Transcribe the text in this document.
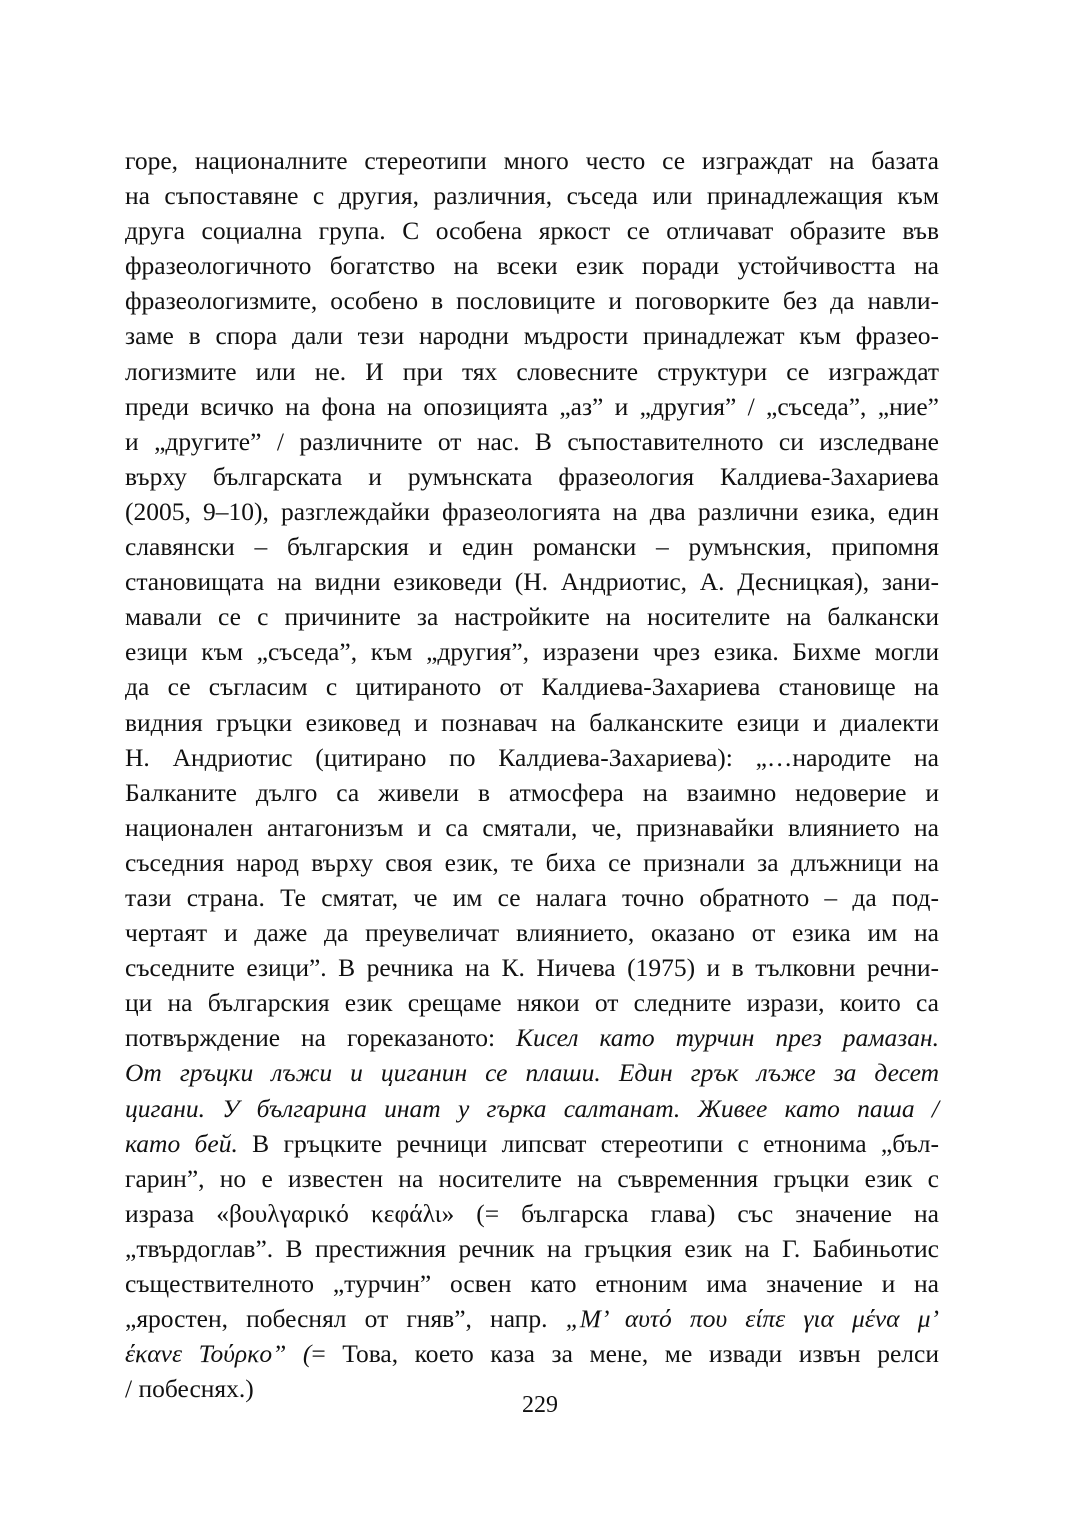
горе, националните стереотипи много често се изграждат на базата
на съпоставяне с другия, различния, съседа или принадлежащия към
друга социална група. С особена яркост се отличават образите във
фразеологичното богатство на всеки език поради устойчивостта на
фразеологизмите, особено в пословиците и поговорките без да навли-
заме в спора дали тези народни мъдрости принадлежат към фразео-
логизмите или не. И при тях словесните структури се изграждат
преди всичко на фона на опозицията „аз” и „другия” / „съседа”, „ние”
и „другите” / различните от нас. В съпоставителното си изследване
върху българската и румънската фразеология Калдиева-Захариева
(2005, 9–10), разглеждайки фразеологията на два различни езика, един
славянски – българския и един романски – румънския, припомня
становищата на видни езиковеди (Н. Андриотис, А. Десницкая), зани-
мавали се с причините за настройките на носителите на балкански
езици към „съседа”, към „другия”, изразени чрез езика. Бихме могли
да се съгласим с цитираното от Калдиева-Захариева становище на
видния гръцки езиковед и познавач на балканските езици и диалекти
Н. Андриотис (цитирано по Калдиева-Захариева): „…народите на
Балканите дълго са живели в атмосфера на взаимно недоверие и
национален антагонизъм и са смятали, че, признавайки влиянието на
съседния народ върху своя език, те биха се признали за длъжници на
тази страна. Те смятат, че им се налага точно обратното – да под-
чертаят и даже да преувеличат влиянието, оказано от езика им на
съседните езици”. В речника на К. Ничева (1975) и в тълковни речни-
ци на българския език срещаме някои от следните изрази, които са
потвърждение на гореказаното: Кисел като турчин през рамазан.
От гръцки лъжи и циганин се плаши. Един грък лъже за десет
цигани. У българина инат у гърка салтанат. Живее като паша /
като бей. В гръцките речници липсват стереотипи с етнонима „бъл-
гарин”, но е известен на носителите на съвременния гръцки език с
израза «βουλγαρικό κεφάλι» (= българска глава) със значение на
„твърдоглав”. В престижния речник на гръцкия език на Г. Бабиньотис
съществителното „турчин” освен като етноним има значение и на
„яростен, побеснял от гняв”, напр. „Μ’ αυτό που είπε για μένα μ’
έκανε Τούρκο” (= Това, което каза за мене, ме извади извън релси
/ побеснях.)
229
